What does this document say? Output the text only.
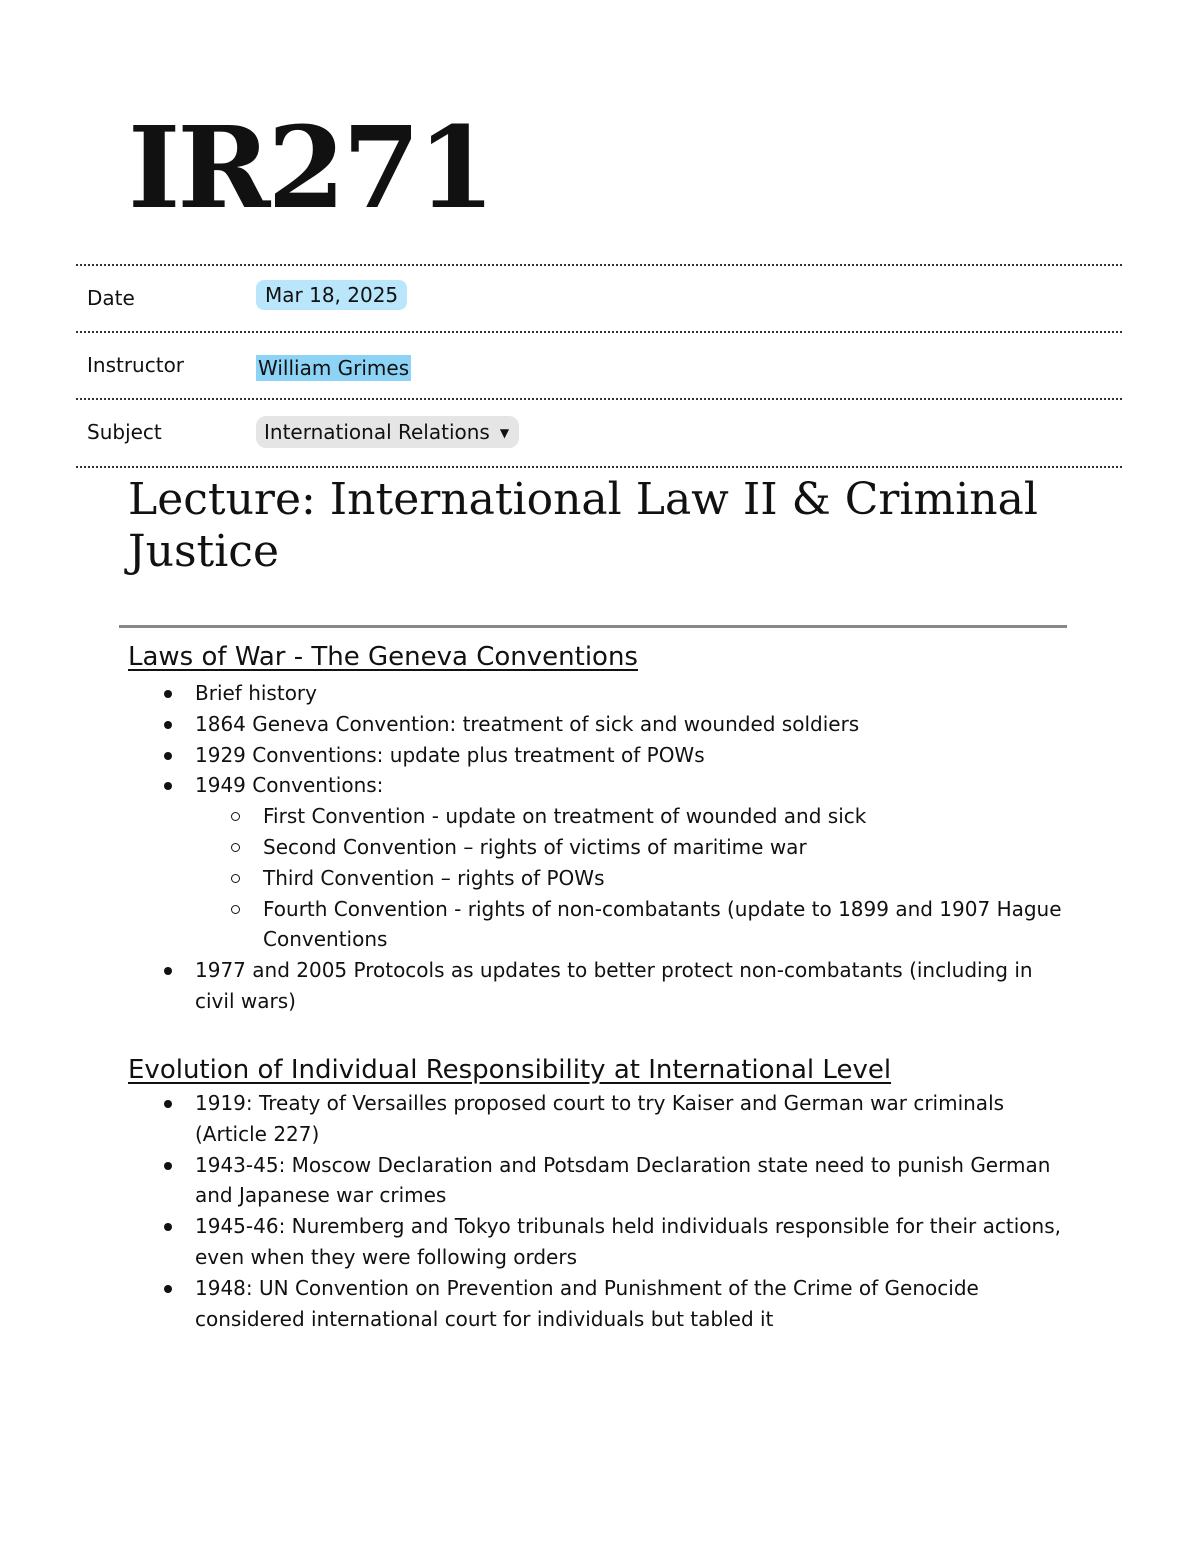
IR271
Date	Mar 18, 2025
Instructor	William Grimes
Subject	International Relations ▼
Lecture: International Law II & Criminal Justice
Laws of War - The Geneva Conventions
Brief history
1864 Geneva Convention: treatment of sick and wounded soldiers
1929 Conventions: update plus treatment of POWs
1949 Conventions:
First Convention - update on treatment of wounded and sick
Second Convention – rights of victims of maritime war
Third Convention – rights of POWs
Fourth Convention - rights of non-combatants (update to 1899 and 1907 Hague Conventions
1977 and 2005 Protocols as updates to better protect non-combatants (including in civil wars)
Evolution of Individual Responsibility at International Level
1919: Treaty of Versailles proposed court to try Kaiser and German war criminals (Article 227)
1943-45: Moscow Declaration and Potsdam Declaration state need to punish German and Japanese war crimes
1945-46: Nuremberg and Tokyo tribunals held individuals responsible for their actions, even when they were following orders
1948: UN Convention on Prevention and Punishment of the Crime of Genocide considered international court for individuals but tabled it
